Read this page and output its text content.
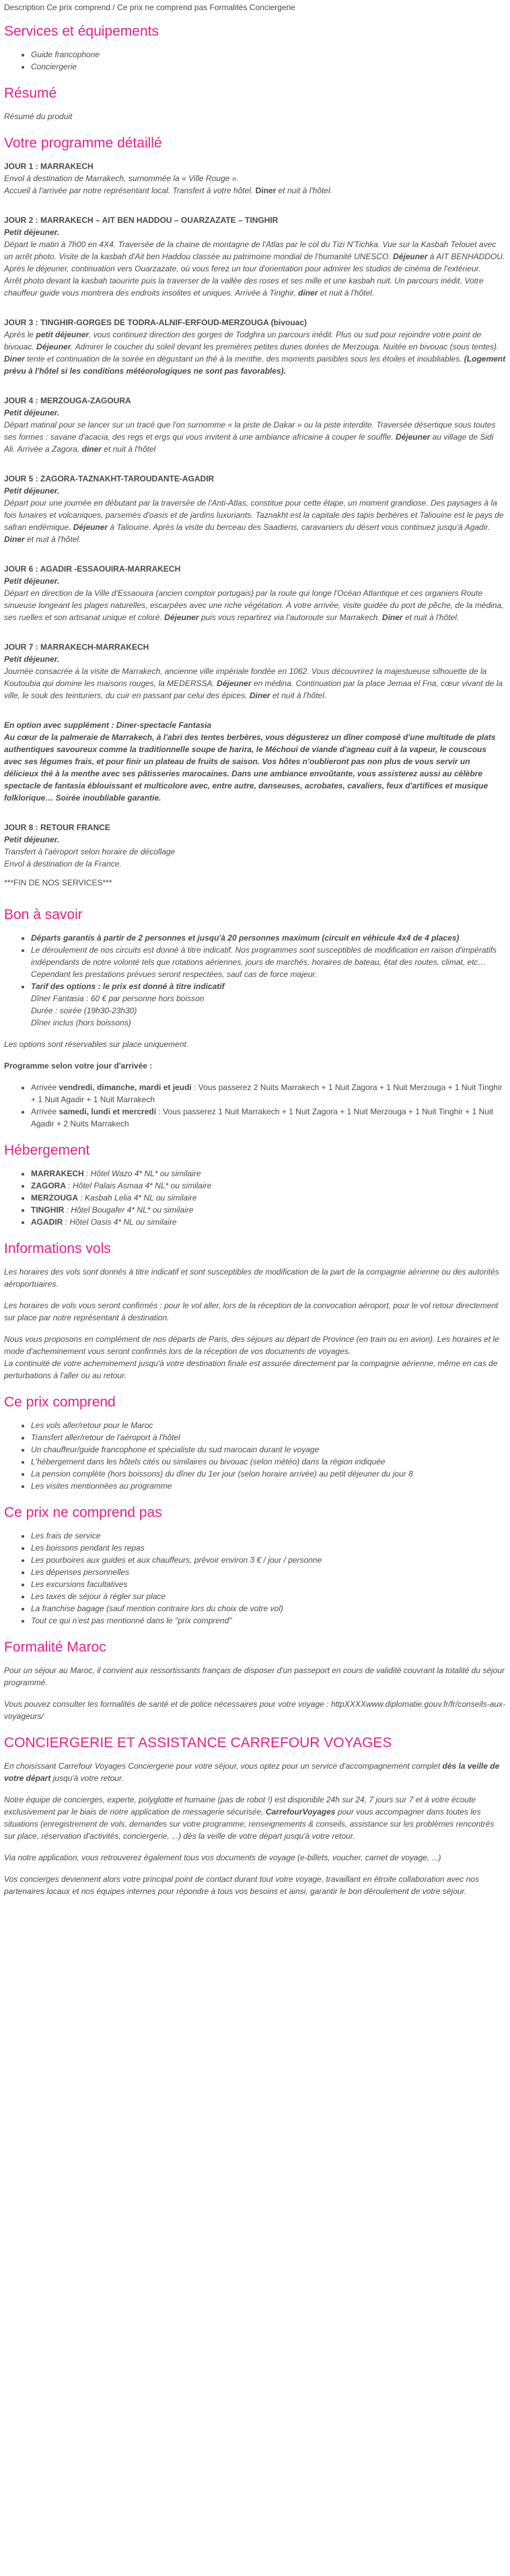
Description Ce prix comprend / Ce prix ne comprend pas Formalités Conciergerie
Services et équipements
• Guide francophone
• Conciergerie
Résumé

Résumé du produit

Votre programme détaillé
JOUR 1 : MARRAKECH
Envol à destination de Marrakech, surnommée la « Ville Rouge ».
Accueil à l'arrivée par notre représentant local. Transfert à votre hôtel. Diner et nuit à l'hôtel.
JOUR 2 : MARRAKECH – AIT BEN HADDOU – OUARZAZATE – TINGHIR
Petit déjeuner.
Départ le matin à 7h00 en 4X4. Traversée de la chaine de montagne de l'Atlas par le col du Tizi N'Tichka. Vue sur la Kasbah Telouet avec un arrêt photo. Visite de la kasbah d'Ait ben Haddou classée au patrimoine mondial de l'humanité UNESCO. Déjeuner à AIT BENHADDOU. Après le déjeuner, continuation vers Ouarzazate, où vous ferez un tour d'orientation pour admirer les studios de cinéma de l'extérieur.
Arrêt photo devant la kasbah taourirte puis la traverser de la vallée des roses et ses mille et une kasbah nuit. Un parcours inédit. Votre chauffeur guide vous montrera des endroits insolites et uniques. Arrivée à Tinghir, diner et nuit à l'hôtel.
JOUR 3 : TINGHIR-GORGES DE TODRA-ALNIF-ERFOUD-MERZOUGA (bivouac)
Après le petit déjeuner, vous continuez direction des gorges de Todghra un parcours inédit. Plus ou sud pour rejoindre votre point de bivouac. Déjeuner. Admirer le coucher du soleil devant les premières petites dunes dorées de Merzouga. Nuitée en bivouac (sous tentes). Diner tente et continuation de la soirée en dégustant un thé à la menthe, des moments paisibles sous les étoiles et inoubliables. (Logement prévu à l'hôtel si les conditions météorologiques ne sont pas favorables).
JOUR 4 : MERZOUGA-ZAGOURA
Petit déjeuner.
Départ matinal pour se lancer sur un tracé que l'on surnomme « la piste de Dakar » ou la piste interdite. Traversée désertique sous toutes ses formes : savane d'acacia, des regs et ergs qui vous invitent à une ambiance africaine à couper le souffle. Déjeuner au village de Sidi Ali. Arrivée a Zagora, diner et nuit à l'hôtel
JOUR 5 : ZAGORA-TAZNAKHT-TAROUDANTE-AGADIR
Petit déjeuner.
Départ pour une journée en débutant par la traversée de l'Anti-Atlas, constitue pour cette étape, un moment grandiose. Des paysages à la fois lunaires et volcaniques, parsemés d'oasis et de jardins luxuriants. Taznakht est la capitale des tapis berbères et Taliouine est le pays de safran endémique. Déjeuner à Taliouine. Après la visite du berceau des Saadiens, caravaniers du désert vous continuez jusqu'à Agadir. Diner et nuit à l'hôtel.
JOUR 6 : AGADIR -ESSAOUIRA-MARRAKECH
Petit déjeuner.
Départ en direction de la Ville d'Essaouira (ancien comptoir portugais) par la route qui longe l'Océan Atlantique et ces organiers Route sinueuse longeant les plages naturelles, escarpées avec une riche végétation. À votre arrivée, visite guidée du port de pêche, de la médina, ses ruelles et son artisanat unique et coloré. Déjeuner puis vous repartirez via l'autoroute sur Marrakech. Diner et nuit à l'hôtel.
JOUR 7 : MARRAKECH-MARRAKECH
Petit déjeuner.
Journée consacrée à la visite de Marrakech, ancienne ville impériale fondée en 1062. Vous découvrirez la majestueuse silhouette de la Koutoubia qui domine les maisons rouges, la MEDERSSA. Déjeuner en médina. Continuation par la place Jemaa el Fna, cœur vivant de la ville, le souk des teinturiers, du cuir en passant par celui des épices. Diner et nuit à l'hôtel.
En option avec supplément : Diner-spectacle Fantasia
Au cœur de la palmeraie de Marrakech, à l'abri des tentes berbères, vous dégusterez un dîner composé d'une multitude de plats authentiques savoureux comme la traditionnelle soupe de harira, le Méchoui de viande d'agneau cuit à la vapeur, le couscous avec ses légumes frais, et pour finir un plateau de fruits de saison. Vos hôtes n'oublieront pas non plus de vous servir un délicieux thé à la menthe avec ses pâtisseries marocaines. Dans une ambiance envoûtante, vous assisterez aussi au célèbre spectacle de fantasia éblouissant et multicolore avec, entre autre, danseuses, acrobates, cavaliers, feux d'artifices et musique folklorique… Soirée inoubliable garantie.
JOUR 8 : RETOUR FRANCE
Petit déjeuner.
Transfert à l'aéroport selon horaire de décollage
Envol à destination de la France.
***FIN DE NOS SERVICES***
Bon à savoir
• Départs garantis à partir de 2 personnes et jusqu'à 20 personnes maximum (circuit en véhicule 4x4 de 4 places)
• Le déroulement de nos circuits est donné à titre indicatif. Nos programmes sont susceptibles de modification en raison d'impératifs indépendants de notre volonté tels que rotations aériennes, jours de marchés, horaires de bateau, état des routes, climat, etc… Cependant les prestations prévues seront respectées, sauf cas de force majeur.
• Tarif des options : le prix est donné à titre indicatif
Dîner Fantasia : 60 € par personne hors boisson
Durée : soirée (19h30-23h30)
Dîner inclus (hors boissons)

Les options sont réservables sur place uniquement.

Programme selon votre jour d'arrivée :

• Arrivée vendredi, dimanche, mardi et jeudi : Vous passerez 2 Nuits Marrakech + 1 Nuit Zagora + 1 Nuit Merzouga + 1 Nuit Tinghir + 1 Nuit Agadir + 1 Nuit Marrakech
• Arrivée samedi, lundi et mercredi : Vous passerez 1 Nuit Marrakech + 1 Nuit Zagora + 1 Nuit Merzouga + 1 Nuit Tinghir + 1 Nuit Agadir + 2 Nuits Marrakech
Hébergement
• MARRAKECH : Hôtel Wazo 4* NL* ou similaire
• ZAGORA : Hôtel Palais Asmaa 4* NL* ou similaire
• MERZOUGA : Kasbah Lelia 4* NL ou similaire
• TINGHIR : Hôtel Bougafer 4* NL* ou similaire
• AGADIR : Hôtel Oasis 4* NL ou similaire
Informations vols

Les horaires des vols sont donnés à titre indicatif et sont susceptibles de modification de la part de la compagnie aérienne ou des autorités aéroportuaires.

Les horaires de vols vous seront confirmés : pour le vol aller, lors de la réception de la convocation aéroport, pour le vol retour directement sur place par notre représentant à destination.

Nous vous proposons en complément de nos départs de Paris, des séjours au départ de Province (en train ou en avion). Les horaires et le mode d'acheminement vous seront confirmés lors de la réception de vos documents de voyages.

La continuité de votre acheminement jusqu'à votre destination finale est assurée directement par la compagnie aérienne, même en cas de perturbations à l'aller ou au retour.

Ce prix comprend
• Les vols aller/retour pour le Maroc
• Transfert aller/retour de l'aéroport à l'hôtel
• Un chauffeur/guide francophone et spécialiste du sud marocain durant le voyage
• L'hébergement dans les hôtels cités ou similaires ou bivouac (selon météo) dans la région indiquée
• La pension complète (hors boissons) du dîner du 1er jour (selon horaire arrivée) au petit déjeuner du jour 8
• Les visites mentionnées au programme
Ce prix ne comprend pas
• Les frais de service
• Les boissons pendant les repas
• Les pourboires aux guides et aux chauffeurs, prévoir environ 3 € / jour / personne
• Les dépenses personnelles
• Les excursions facultatives
• Les taxes de séjour à régler sur place
• La franchise bagage (sauf mention contraire lors du choix de votre vol)
• Tout ce qui n'est pas mentionné dans le "prix comprend"
Formalité Maroc

Pour un séjour au Maroc, il convient aux ressortissants français de disposer d'un passeport en cours de validité couvrant la totalité du séjour programmé.

Vous pouvez consulter les formalités de santé et de police nécessaires pour votre voyage : httpXXXXwww.diplomatie.gouv.fr/fr/conseils-aux-voyageurs/

CONCIERGERIE ET ASSISTANCE CARREFOUR VOYAGES

En choisissant Carrefour Voyages Conciergerie pour votre séjour, vous optez pour un service d'accompagnement complet dès la veille de votre départ jusqu'à votre retour.

Notre équipe de concierges, experte, polyglotte et humaine (pas de robot !) est disponible 24h sur 24, 7 jours sur 7 et à votre écoute exclusivement par le biais de notre application de messagerie sécurisée, CarrefourVoyages pour vous accompagner dans toutes les situations (enregistrement de vols, demandes sur votre programme, renseignements & conseils, assistance sur les problèmes rencontrés sur place, réservation d'activités, conciergerie, ...) dès la veille de votre départ jusqu'à votre retour.

Via notre application, vous retrouverez également tous vos documents de voyage (e-billets, voucher, carnet de voyage, ...)

Vos concierges deviennent alors votre principal point de contact durant tout votre voyage, travaillant en étroite collaboration avec nos partenaires locaux et nos équipes internes pour répondre à tous vos besoins et ainsi, garantir le bon déroulement de votre séjour.
